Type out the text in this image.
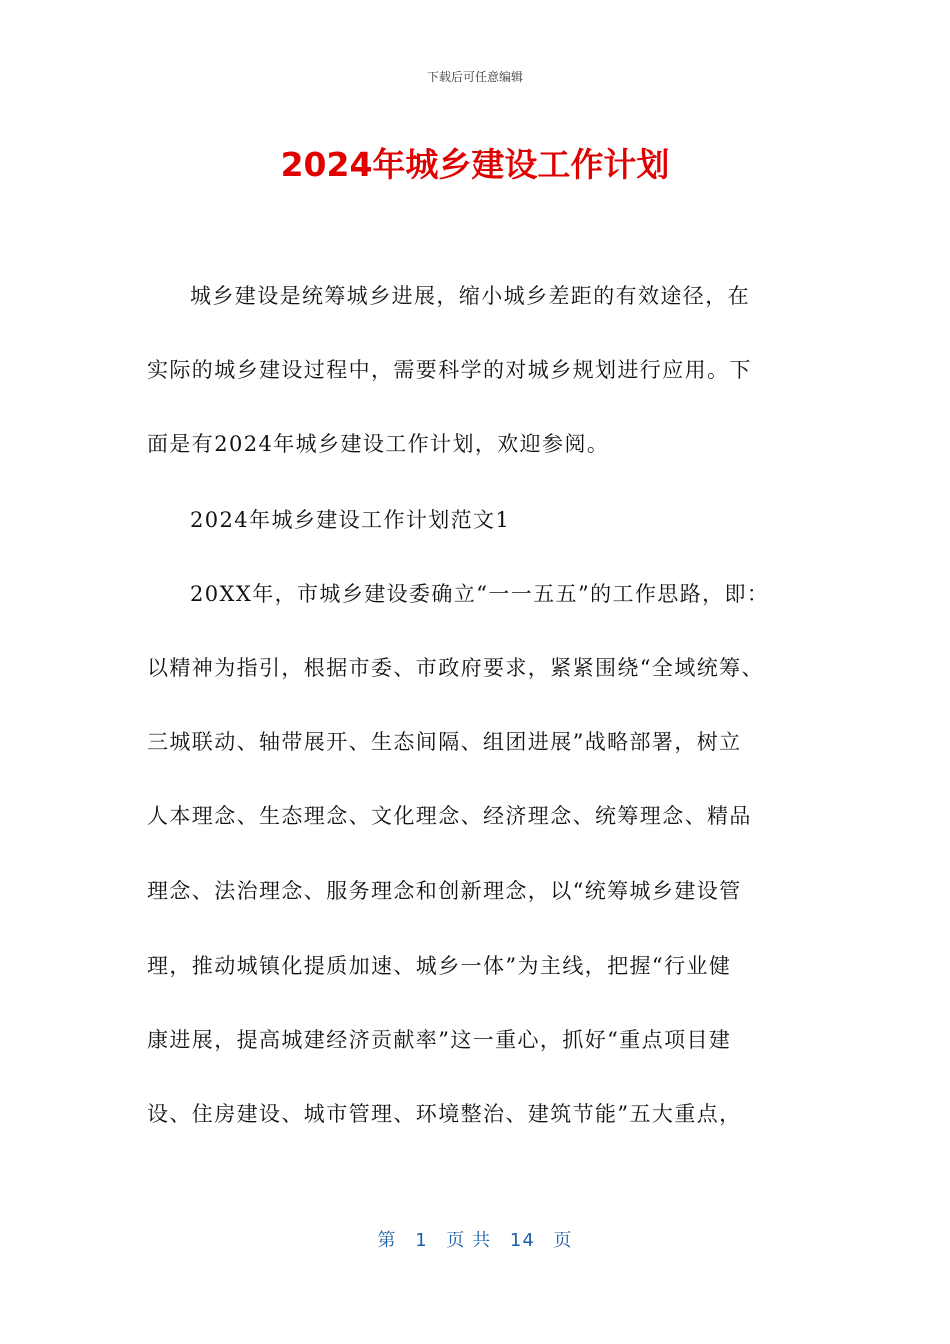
下载后可任意编辑
2024年城乡建设工作计划
城乡建设是统筹城乡进展，缩小城乡差距的有效途径，在
实际的城乡建设过程中，需要科学的对城乡规划进行应用。下
面是有2024年城乡建设工作计划，欢迎参阅。
2024年城乡建设工作计划范文1
20XX年，市城乡建设委确立“一一五五”的工作思路，即：
以精神为指引，根据市委、市政府要求，紧紧围绕“全域统筹、
三城联动、轴带展开、生态间隔、组团进展”战略部署，树立
人本理念、生态理念、文化理念、经济理念、统筹理念、精品
理念、法治理念、服务理念和创新理念，以“统筹城乡建设管
理，推动城镇化提质加速、城乡一体”为主线，把握“行业健
康进展，提高城建经济贡献率”这一重心，抓好“重点项目建
设、住房建设、城市管理、环境整治、建筑节能”五大重点，
第 1 页 共 14 页
